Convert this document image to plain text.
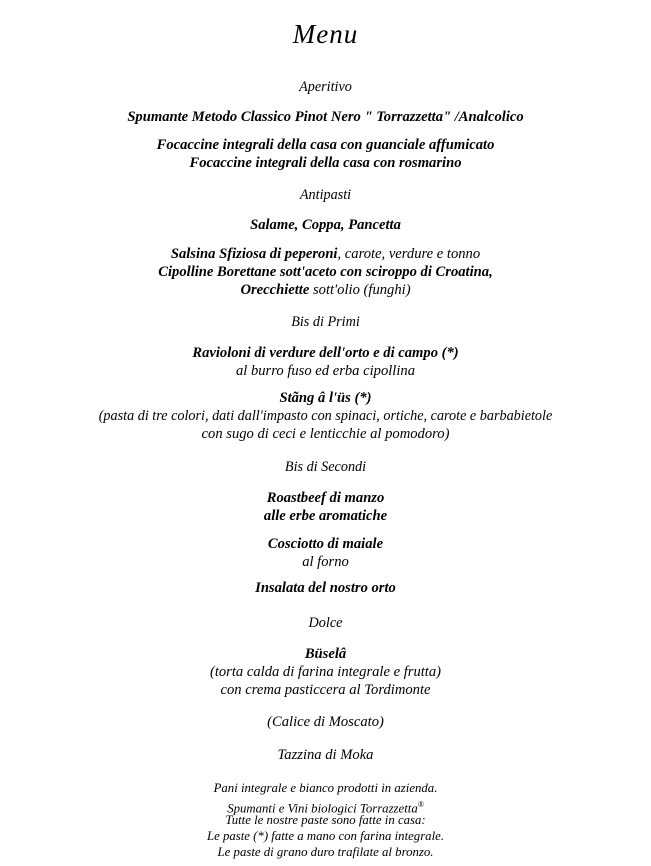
Menu
Aperitivo
Spumante Metodo Classico Pinot Nero " Torrazzetta" /Analcolico
Focaccine integrali della casa con guanciale affumicato
Focaccine integrali della casa con rosmarino
Antipasti
Salame, Coppa, Pancetta
Salsina Sfiziosa di peperoni, carote, verdure e tonno
Cipolline Borettane sott'aceto con sciroppo di Croatina,
Orecchiette sott'olio (funghi)
Bis di Primi
Ravioloni di verdure dell'orto e di campo (*)
al burro fuso ed erba cipollina
Stãng â l'üs (*)
(pasta di tre colori, dati dall'impasto con spinaci, ortiche, carote e barbabietole
con sugo di ceci e lenticchie al pomodoro)
Bis di Secondi
Roastbeef di manzo
alle erbe aromatiche
Cosciotto di maiale
al forno
Insalata del nostro orto
Dolce
Büselâ
(torta calda di farina integrale e frutta)
con crema pasticcera al Tordimonte
(Calice di Moscato)
Tazzina di Moka
Pani integrale e bianco prodotti in azienda.
Spumanti e Vini biologici Torrazzetta®
Tutte le nostre paste sono fatte in casa:
Le paste (*) fatte a mano con farina integrale.
Le paste di grano duro trafilate al bronzo.
